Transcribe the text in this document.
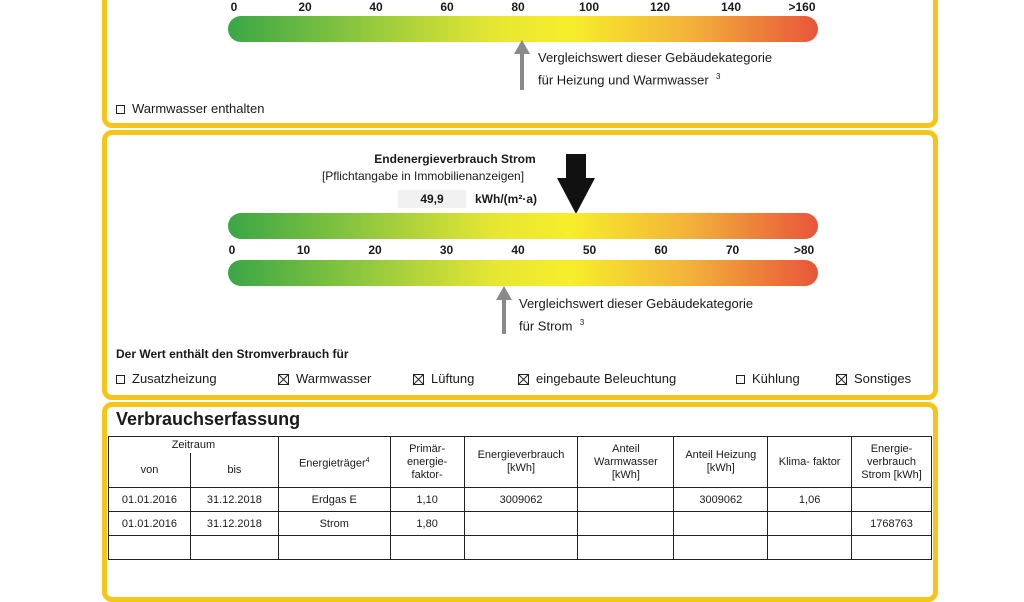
0	20	40	60	80	100	120	140	>160
Vergleichswert dieser Gebäudekategorie
für Heizung und Warmwasser $^3$
Warmwasser enthalten
Endenergieverbrauch Strom
[Pflichtangabe in Immobilienanzeigen]
49,9	kWh/(m²·a)
0	10	20	30	40	50	60	70	>80
Vergleichswert dieser Gebäudekategorie
für Strom $^3$
Der Wert enthält den Stromverbrauch für
Zusatzheizung	Warmwasser	Lüftung	eingebaute Beleuchtung	Kühlung	Sonstiges
Verbrauchserfassung
Zeitraum		Energieträger$^4$	Primär- energie- faktor-	Energieverbrauch [kWh]	Anteil Warmwasser [kWh]	Anteil Heizung [kWh]	Klima- faktor	Energie- verbrauch Strom [kWh]
von	bis							
01.01.2016	31.12.2018	Erdgas E	1,10	3009062		3009062	1,06	
01.01.2016	31.12.2018	Strom	1,80					1768763
